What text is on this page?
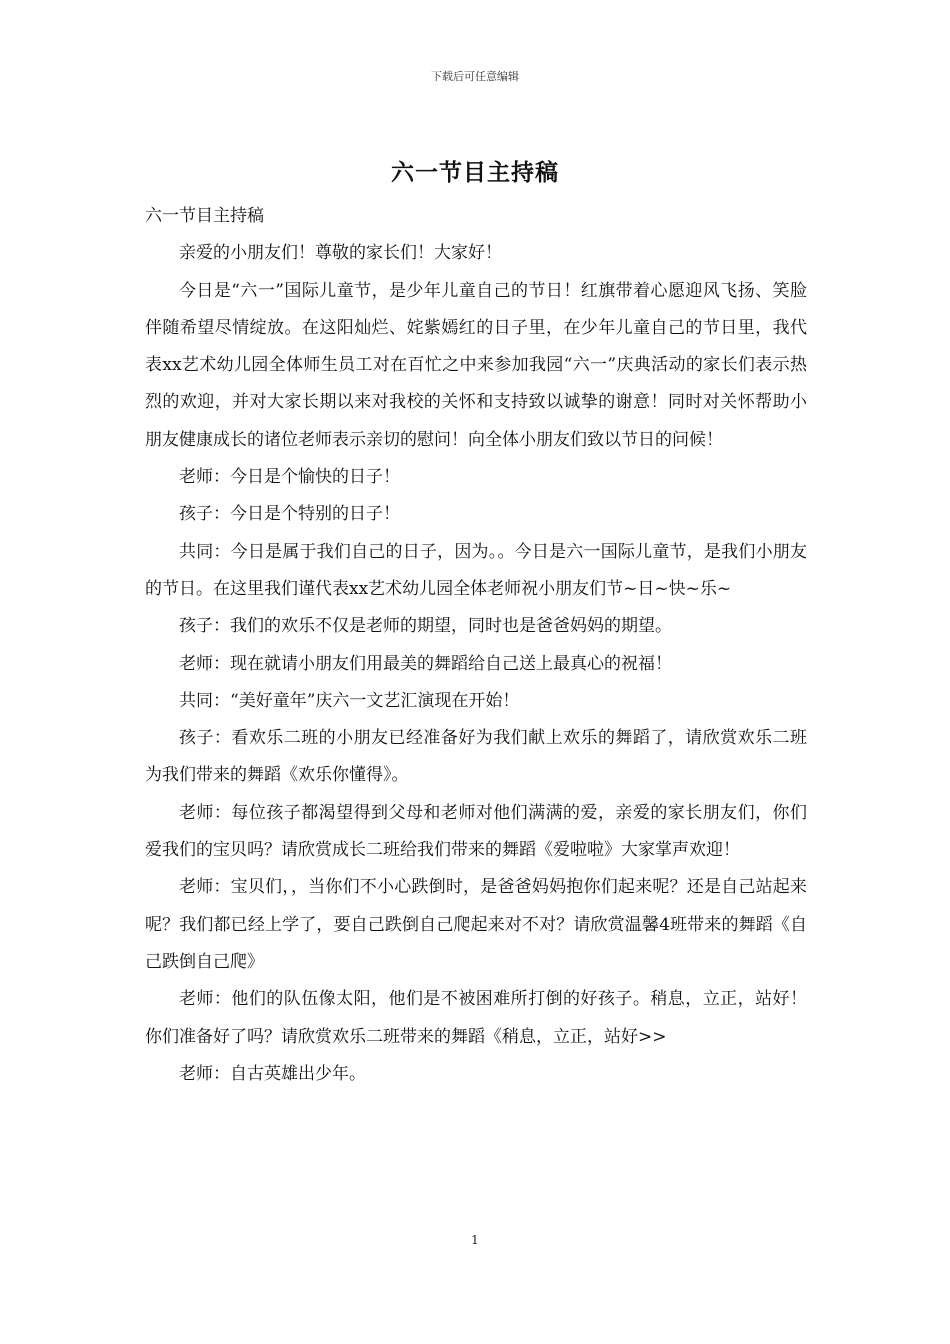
下载后可任意编辑
六一节目主持稿

六一节目主持稿

亲爱的小朋友们！尊敬的家长们！大家好！

今日是“六一”国际儿童节，是少年儿童自己的节日！红旗带着心愿迎风飞扬、笑脸伴随希望尽情绽放。在这阳灿烂、姹紫嫣红的日子里，在少年儿童自己的节日里，我代表xx艺术幼儿园全体师生员工对在百忙之中来参加我园“六一”庆典活动的家长们表示热烈的欢迎，并对大家长期以来对我校的关怀和支持致以诚挚的谢意！同时对关怀帮助小朋友健康成长的诸位老师表示亲切的慰问！向全体小朋友们致以节日的问候！

老师：今日是个愉快的日子！

孩子：今日是个特别的日子！

共同：今日是属于我们自己的日子，因为。。今日是六一国际儿童节，是我们小朋友的节日。在这里我们谨代表xx艺术幼儿园全体老师祝小朋友们节~日~快~乐~

孩子：我们的欢乐不仅是老师的期望，同时也是爸爸妈妈的期望。

老师：现在就请小朋友们用最美的舞蹈给自己送上最真心的祝福！

共同：“美好童年”庆六一文艺汇演现在开始！

孩子：看欢乐二班的小朋友已经准备好为我们献上欢乐的舞蹈了，请欣赏欢乐二班为我们带来的舞蹈《欢乐你懂得》。

老师：每位孩子都渴望得到父母和老师对他们满满的爱，亲爱的家长朋友们，你们爱我们的宝贝吗？请欣赏成长二班给我们带来的舞蹈《爱啦啦》大家掌声欢迎！

老师：宝贝们，，当你们不小心跌倒时，是爸爸妈妈抱你们起来呢？还是自己站起来呢？我们都已经上学了，要自己跌倒自己爬起来对不对？请欣赏温馨4班带来的舞蹈《自己跌倒自己爬》

老师：他们的队伍像太阳，他们是不被困难所打倒的好孩子。稍息，立正，站好！你们准备好了吗？请欣赏欢乐二班带来的舞蹈《稍息，立正，站好>>

老师：自古英雄出少年。

1
